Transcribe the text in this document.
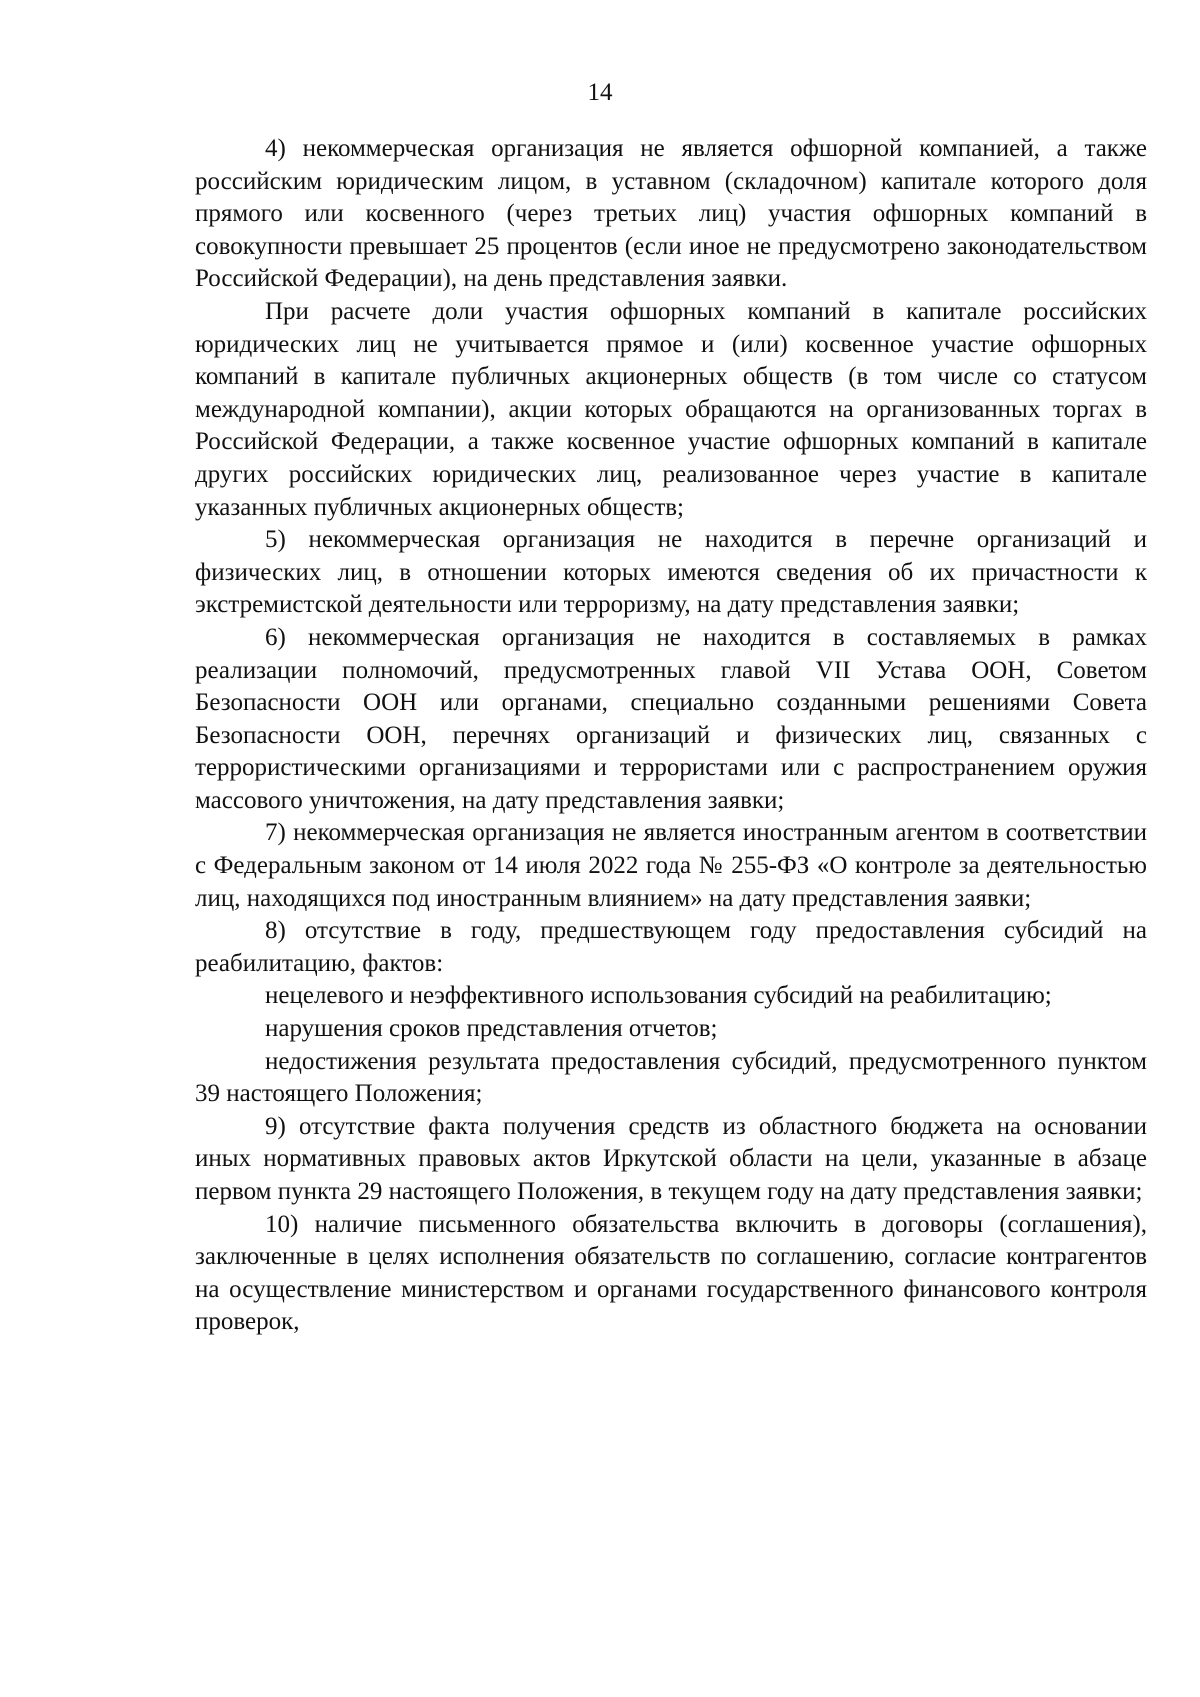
14

4) некоммерческая организация не является офшорной компанией, а также российским юридическим лицом, в уставном (складочном) капитале которого доля прямого или косвенного (через третьих лиц) участия офшорных компаний в совокупности превышает 25 процентов (если иное не предусмотрено законодательством Российской Федерации), на день представления заявки.

При расчете доли участия офшорных компаний в капитале российских юридических лиц не учитывается прямое и (или) косвенное участие офшорных компаний в капитале публичных акционерных обществ (в том числе со статусом международной компании), акции которых обращаются на организованных торгах в Российской Федерации, а также косвенное участие офшорных компаний в капитале других российских юридических лиц, реализованное через участие в капитале указанных публичных акционерных обществ;

5) некоммерческая организация не находится в перечне организаций и физических лиц, в отношении которых имеются сведения об их причастности к экстремистской деятельности или терроризму, на дату представления заявки;

6) некоммерческая организация не находится в составляемых в рамках реализации полномочий, предусмотренных главой VII Устава ООН, Советом Безопасности ООН или органами, специально созданными решениями Совета Безопасности ООН, перечнях организаций и физических лиц, связанных с террористическими организациями и террористами или с распространением оружия массового уничтожения, на дату представления заявки;

7) некоммерческая организация не является иностранным агентом в соответствии с Федеральным законом от 14 июля 2022 года № 255-ФЗ «О контроле за деятельностью лиц, находящихся под иностранным влиянием» на дату представления заявки;

8) отсутствие в году, предшествующем году предоставления субсидий на реабилитацию, фактов:

нецелевого и неэффективного использования субсидий на реабилитацию;

нарушения сроков представления отчетов;

недостижения результата предоставления субсидий, предусмотренного пунктом 39 настоящего Положения;

9) отсутствие факта получения средств из областного бюджета на основании иных нормативных правовых актов Иркутской области на цели, указанные в абзаце первом пункта 29 настоящего Положения, в текущем году на дату представления заявки;

10) наличие письменного обязательства включить в договоры (соглашения), заключенные в целях исполнения обязательств по соглашению, согласие контрагентов на осуществление министерством и органами государственного финансового контроля проверок,
